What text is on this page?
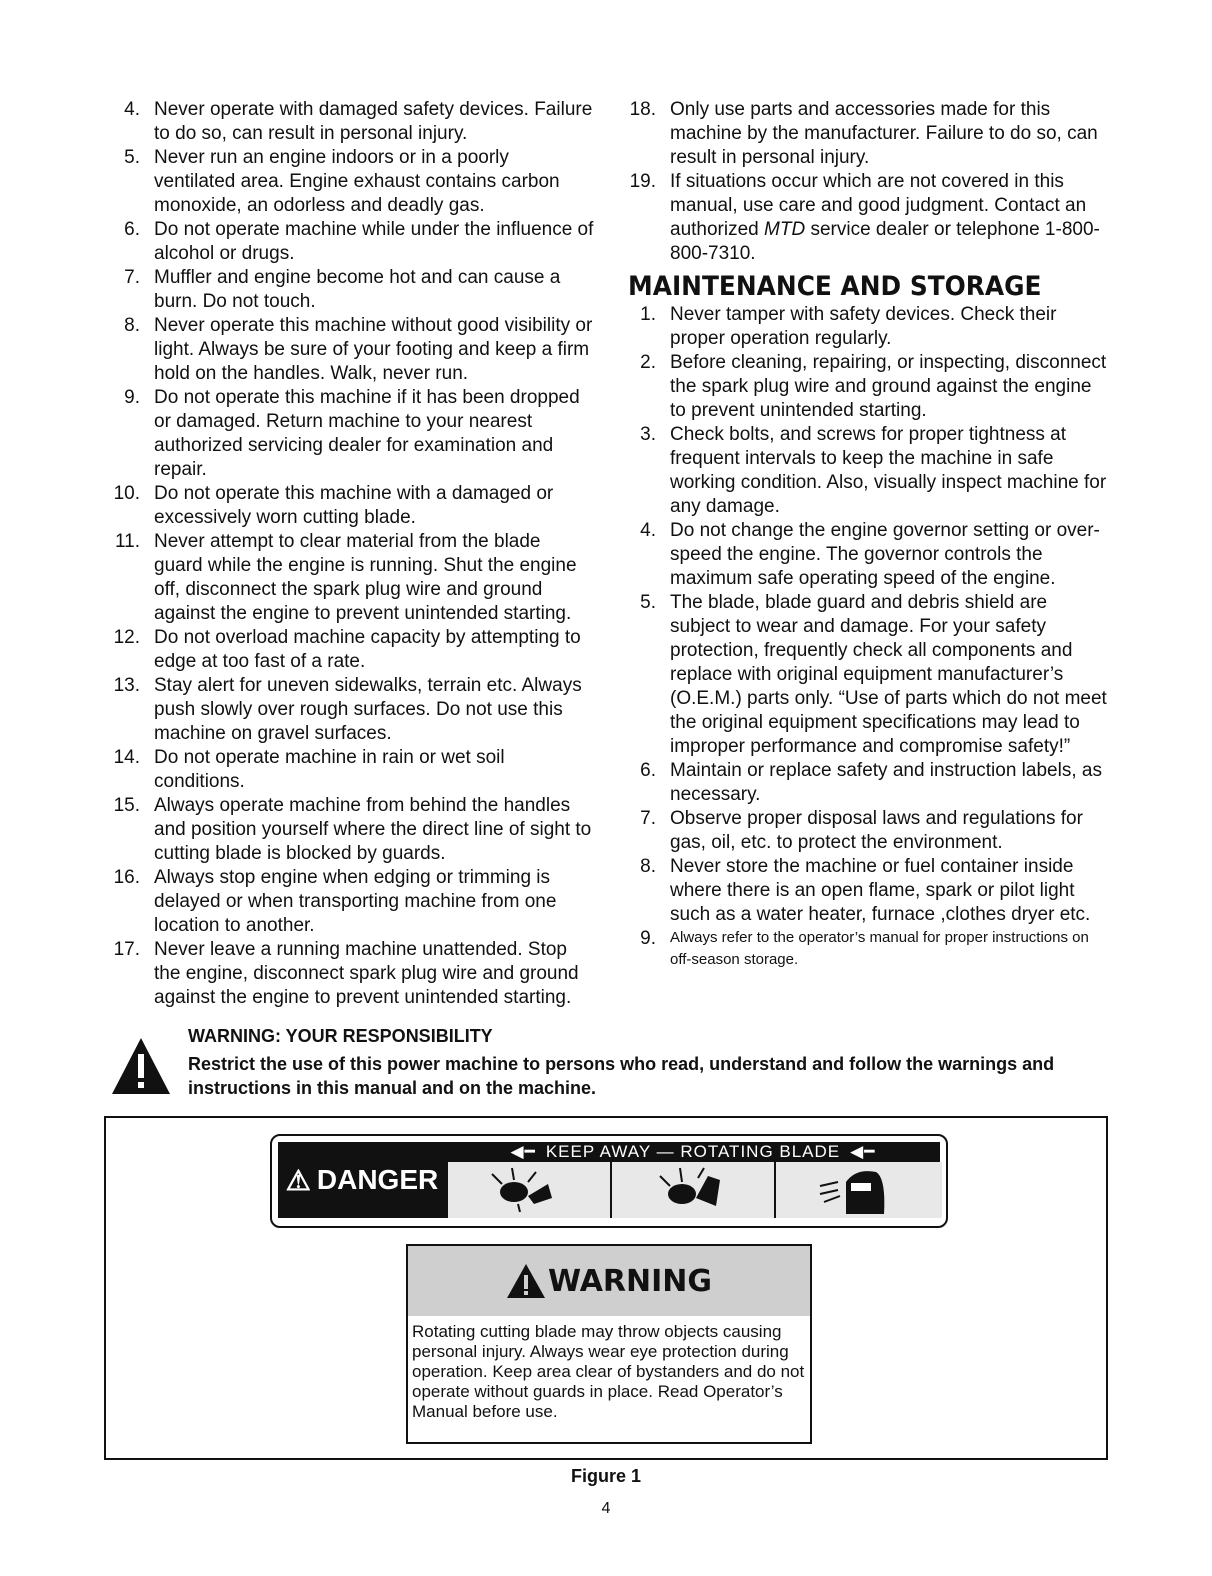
4. Never operate with damaged safety devices. Failure to do so, can result in personal injury.
5. Never run an engine indoors or in a poorly ventilated area. Engine exhaust contains carbon monoxide, an odorless and deadly gas.
6. Do not operate machine while under the influence of alcohol or drugs.
7. Muffler and engine become hot and can cause a burn. Do not touch.
8. Never operate this machine without good visibility or light. Always be sure of your footing and keep a firm hold on the handles. Walk, never run.
9. Do not operate this machine if it has been dropped or damaged. Return machine to your nearest authorized servicing dealer for examination and repair.
10. Do not operate this machine with a damaged or excessively worn cutting blade.
11. Never attempt to clear material from the blade guard while the engine is running. Shut the engine off, disconnect the spark plug wire and ground against the engine to prevent unintended starting.
12. Do not overload machine capacity by attempting to edge at too fast of a rate.
13. Stay alert for uneven sidewalks, terrain etc. Always push slowly over rough surfaces. Do not use this machine on gravel surfaces.
14. Do not operate machine in rain or wet soil conditions.
15. Always operate machine from behind the handles and position yourself where the direct line of sight to cutting blade is blocked by guards.
16. Always stop engine when edging or trimming is delayed or when transporting machine from one location to another.
17. Never leave a running machine unattended. Stop the engine, disconnect spark plug wire and ground against the engine to prevent unintended starting.
18. Only use parts and accessories made for this machine by the manufacturer. Failure to do so, can result in personal injury.
19. If situations occur which are not covered in this manual, use care and good judgment. Contact an authorized MTD service dealer or telephone 1-800-800-7310.
MAINTENANCE AND STORAGE
1. Never tamper with safety devices. Check their proper operation regularly.
2. Before cleaning, repairing, or inspecting, disconnect the spark plug wire and ground against the engine to prevent unintended starting.
3. Check bolts, and screws for proper tightness at frequent intervals to keep the machine in safe working condition. Also, visually inspect machine for any damage.
4. Do not change the engine governor setting or over-speed the engine. The governor controls the maximum safe operating speed of the engine.
5. The blade, blade guard and debris shield are subject to wear and damage. For your safety protection, frequently check all components and replace with original equipment manufacturer’s (O.E.M.) parts only. “Use of parts which do not meet the original equipment specifications may lead to improper performance and compromise safety!”
6. Maintain or replace safety and instruction labels, as necessary.
7. Observe proper disposal laws and regulations for gas, oil, etc. to protect the environment.
8. Never store the machine or fuel container inside where there is an open flame, spark or pilot light such as a water heater, furnace ,clothes dryer etc.
9. Always refer to the operator’s manual for proper instructions on off-season storage.
WARNING: YOUR RESPONSIBILITY
Restrict the use of this power machine to persons who read, understand and follow the warnings and instructions in this manual and on the machine.
⚠ DANGER
◀━ KEEP AWAY — ROTATING BLADE ◀━
WARNING
Rotating cutting blade may throw objects causing personal injury. Always wear eye protection during operation. Keep area clear of bystanders and do not operate without guards in place. Read Operator’s Manual before use.
Figure 1
4
